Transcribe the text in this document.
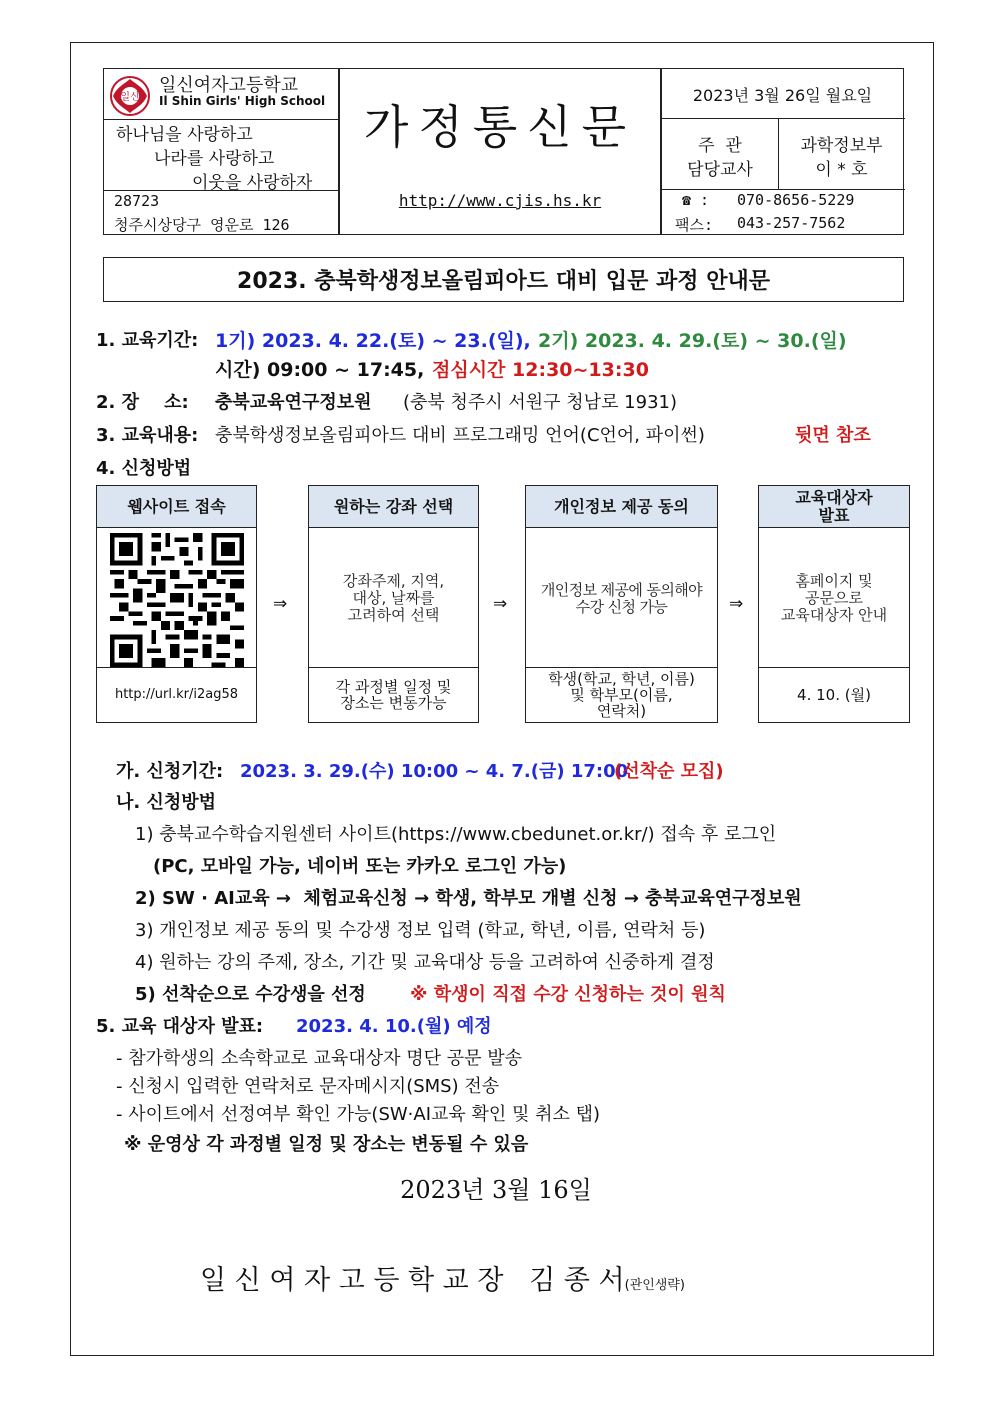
일신
일신여자고등학교
Il Shin Girls' High School
하나님을 사랑하고
나라를 사랑하고
이웃을 사랑하자
28723
청주시상당구 영운로 126
가정통신문
http://www.cjis.hs.kr
2023년 3월 26일 월요일
주  관
담당교사
과학정보부
이 * 호
☎ : 070-8656-5229
팩스: 043-257-7562
2023. 충북학생정보올림피아드 대비 입문 과정 안내문
1. 교육기간: 1기) 2023. 4. 22.(토) ~ 23.(일), 2기) 2023. 4. 29.(토) ~ 30.(일)
시간) 09:00 ~ 17:45, 점심시간 12:30~13:30
2. 장    소: 충북교육연구정보원 (충북 청주시 서원구 청남로 1931)
3. 교육내용: 충북학생정보올림피아드 대비 프로그래밍 언어(C언어, 파이썬)	뒷면 참조
4. 신청방법
웹사이트 접속
http://url.kr/i2ag58
⇒
원하는 강좌 선택
강좌주제, 지역,
대상, 날짜를
고려하여 선택
각 과정별 일정 및
장소는 변동가능
⇒
개인정보 제공 동의
개인정보 제공에 동의해야
수강 신청 가능
학생(학교, 학년, 이름)
및 학부모(이름,
연락처)
⇒
교육대상자
발표
홈페이지 및
공문으로
교육대상자 안내
4. 10. (월)
가. 신청기간: 2023. 3. 29.(수) 10:00 ~ 4. 7.(금) 17:00
(선착순 모집)
나. 신청방법
1) 충북교수학습지원센터 사이트(https://www.cbedunet.or.kr/) 접속 후 로그인
(PC, 모바일 가능, 네이버 또는 카카오 로그인 가능)
2) SW · AI교육 →  체험교육신청 → 학생, 학부모 개별 신청 → 충북교육연구정보원
3) 개인정보 제공 동의 및 수강생 정보 입력 (학교, 학년, 이름, 연락처 등)
4) 원하는 강의 주제, 장소, 기간 및 교육대상 등을 고려하여 신중하게 결정
5) 선착순으로 수강생을 선정 ※ 학생이 직접 수강 신청하는 것이 원칙
5. 교육 대상자 발표: 2023. 4. 10.(월) 예정
- 참가학생의 소속학교로 교육대상자 명단 공문 발송
- 신청시 입력한 연락처로 문자메시지(SMS) 전송
- 사이트에서 선정여부 확인 가능(SW·AI교육 확인 및 취소 탭)
※ 운영상 각 과정별 일정 및 장소는 변동될 수 있음
2023년 3월 16일
일 신 여 자 고 등 학 교 장   김 종 서(관인생략)
